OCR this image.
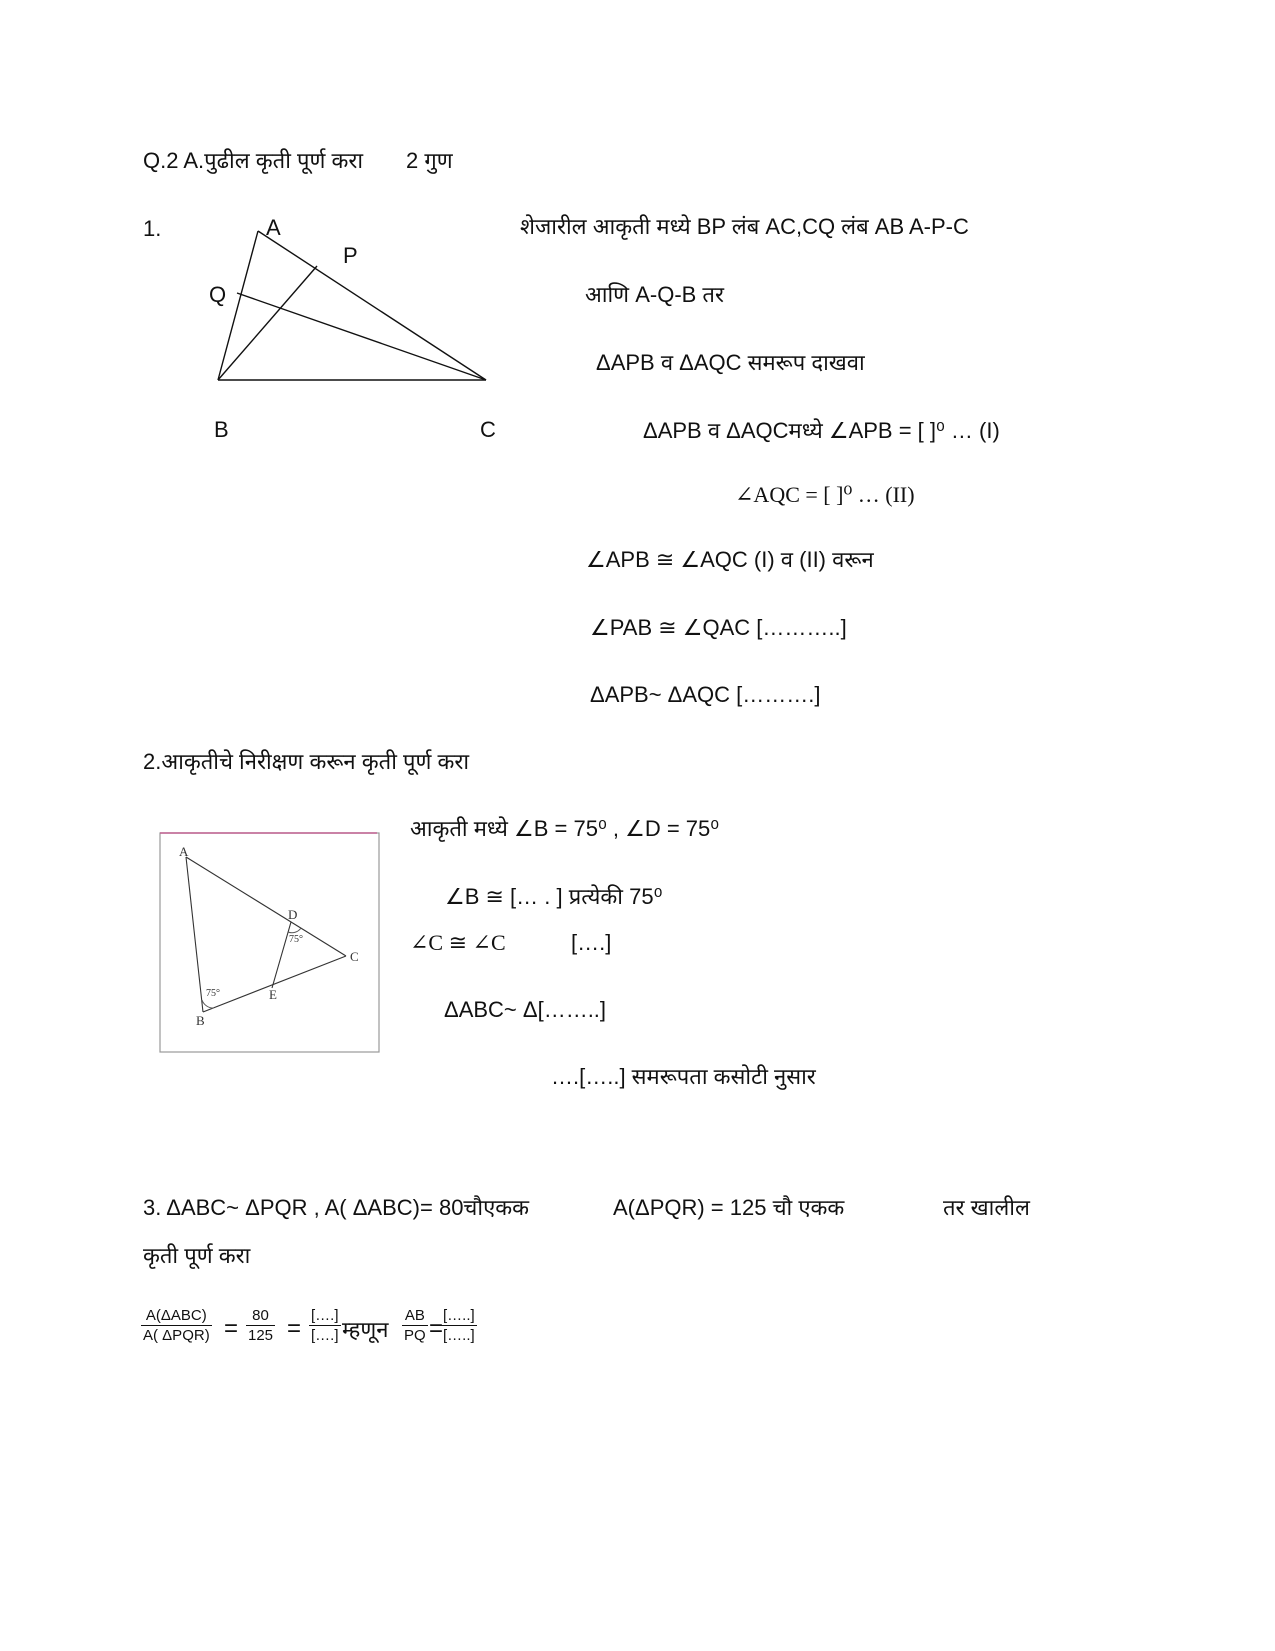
Q.2 A.पुढील कृती पूर्ण करा 2 गुण
1.	A
P
Q
B	C
शेजारील आकृती मध्ये BP लंब AC,CQ लंब AB A-P-C
आणि A-Q-B तर
ΔAPB व ΔAQC समरूप दाखवा
ΔAPB व ΔAQCमध्ये ∠APB = [ ]⁰ … (I)
∠AQC = [ ]⁰ … (II)
∠APB ≅ ∠AQC (I) व (II) वरून
∠PAB ≅ ∠QAC [………..]
ΔAPB~ ΔAQC [……….]
2.आकृतीचे निरीक्षण करून कृती पूर्ण करा
A
B
C
D
E
75°
75°
आकृती मध्ये ∠B = 75⁰ , ∠D = 75⁰
∠B ≅ [… . ] प्रत्येकी 75⁰
∠C ≅ ∠C	[….]
ΔABC~ Δ[……..]
….[…..] समरूपता कसोटी नुसार
3. ΔABC~ ΔPQR , A( ΔABC)= 80चौएकक	A(ΔPQR) = 125 चौ एकक	तर खालील
कृती पूर्ण करा
A(ΔABC)
A( $\Delta PQR) = \frac{80}{125}$ = [….]
[….] म्हणून $\frac{AB}{PQ}$ = […..]
[…..]
